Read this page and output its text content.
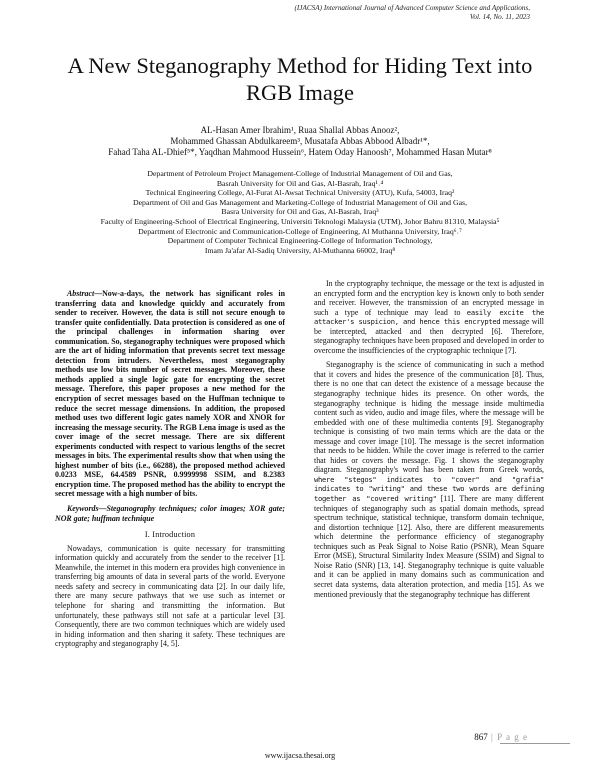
(IJACSA) International Journal of Advanced Computer Science and Applications,
Vol. 14, No. 11, 2023
A New Steganography Method for Hiding Text into
RGB Image
AL-Hasan Amer Ibrahim¹, Ruaa Shallal Abbas Anooz²,
Mohammed Ghassan Abdulkareem³, Musatafa Abbas Abbood Albadr¹*,
Fahad Taha AL-Dhief⁵*, Yaqdhan Mahmood Hussein⁶, Hatem Oday Hanoosh⁷, Mohammed Hasan Mutar⁸
Department of Petroleum Project Management-College of Industrial Management of Oil and Gas,
Basrah University for Oil and Gas, Al-Basrah, Iraq¹˒⁴
Technical Engineering College, Al-Furat Al-Awsat Technical University (ATU), Kufa, 54003, Iraq²
Department of Oil and Gas Management and Marketing-College of Industrial Management of Oil and Gas,
Basra University for Oil and Gas, Al-Basrah, Iraq³
Faculty of Engineering-School of Electrical Engineering, Universiti Teknologi Malaysia (UTM), Johor Bahru 81310, Malaysia⁵
Department of Electronic and Communication-College of Engineering, Al Muthanna University, Iraq⁶˒⁷
Department of Computer Technical Engineering-College of Information Technology,
Imam Ja'afar Al-Sadiq University, Al-Muthanna 66002, Iraq⁸

Abstract—Now-a-days, the network has significant roles in transferring data and knowledge quickly and accurately from sender to receiver. However, the data is still not secure enough to transfer quite confidentially. Data protection is considered as one of the principal challenges in information sharing over communication. So, steganography techniques were proposed which are the art of hiding information that prevents secret text message detection from intruders. Nevertheless, most steganography methods use low bits number of secret messages. Moreover, these methods applied a single logic gate for encrypting the secret message. Therefore, this paper proposes a new method for the encryption of secret messages based on the Huffman technique to reduce the secret message dimensions. In addition, the proposed method uses two different logic gates namely XOR and XNOR for increasing the message security. The RGB Lena image is used as the cover image of the secret message. There are six different experiments conducted with respect to various lengths of the secret messages in bits. The experimental results show that when using the highest number of bits (i.e., 66288), the proposed method achieved 0.0233 MSE, 64.4589 PSNR, 0.9999998 SSIM, and 8.2383 encryption time. The proposed method has the ability to encrypt the secret message with a high number of bits.

Keywords—Steganography techniques; color images; XOR gate; NOR gate; huffman technique

I. Introduction

Nowadays, communication is quite necessary for transmitting information quickly and accurately from the sender to the receiver [1]. Meanwhile, the internet in this modern era provides high convenience in transferring big amounts of data in several parts of the world. Everyone needs safety and secrecy in communicating data [2]. In our daily life, there are many secure pathways that we use such as internet or telephone for sharing and transmitting the information. But unfortunately, these pathways still not safe at a particular level [3]. Consequently, there are two common techniques which are widely used in hiding information and then sharing it safety. These techniques are cryptography and steganography [4, 5].

In the cryptography technique, the message or the text is adjusted in an encrypted form and the encryption key is known only to both sender and receiver. However, the transmission of an encrypted message in such a type of technique may lead to easily excite the attacker's suspicion, and hence this encrypted message will be intercepted, attacked and then decrypted [6]. Therefore, steganography techniques have been proposed and developed in order to overcome the insufficiencies of the cryptographic technique [7].

Steganography is the science of communicating in such a method that it covers and hides the presence of the communication [8]. Thus, there is no one that can detect the existence of a message because the steganography technique hides its presence. On other words, the steganography technique is hiding the message inside multimedia content such as video, audio and image files, where the message will be embedded with one of these multimedia contents [9]. Steganography technique is consisting of two main terms which are the data or the message and cover image [10]. The message is the secret information that needs to be hidden. While the cover image is referred to the carrier that hides or covers the message. Fig. 1 shows the steganography diagram. Steganography's word has been taken from Greek words, where "stegos" indicates to "cover" and "grafia" indicates to "writing" and these two words are defining together as "covered writing" [11]. There are many different techniques of steganography such as spatial domain methods, spread spectrum technique, statistical technique, transform domain technique, and distortion technique [12]. Also, there are different measurements which determine the performance efficiency of steganography techniques such as Peak Signal to Noise Ratio (PSNR), Mean Square Error (MSE), Structural Similarity Index Measure (SSIM) and Signal to Noise Ratio (SNR) [13, 14]. Steganography technique is quite valuable and it can be applied in many domains such as communication and secret data systems, data alteration protection, and media [15]. As we mentioned previously that the steganography technique has different

867 | P a g e
www.ijacsa.thesai.org
